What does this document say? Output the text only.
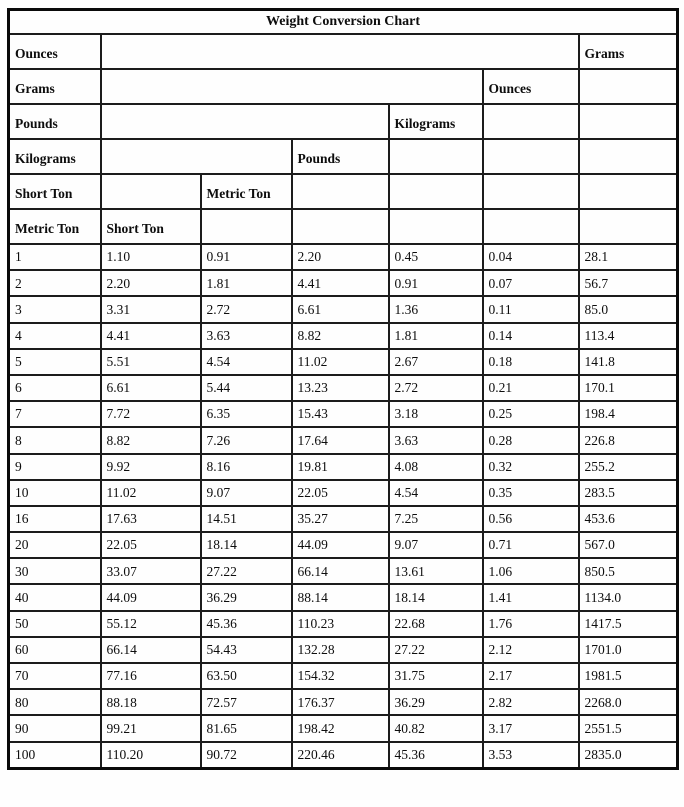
Weight Conversion Chart						
Ounces						Grams
Grams					Ounces	
Pounds				Kilograms		
Kilograms			Pounds			
Short Ton		Metric Ton				
Metric Ton	Short Ton					
1	1.10	0.91	2.20	0.45	0.04	28.1
2	2.20	1.81	4.41	0.91	0.07	56.7
3	3.31	2.72	6.61	1.36	0.11	85.0
4	4.41	3.63	8.82	1.81	0.14	113.4
5	5.51	4.54	11.02	2.67	0.18	141.8
6	6.61	5.44	13.23	2.72	0.21	170.1
7	7.72	6.35	15.43	3.18	0.25	198.4
8	8.82	7.26	17.64	3.63	0.28	226.8
9	9.92	8.16	19.81	4.08	0.32	255.2
10	11.02	9.07	22.05	4.54	0.35	283.5
16	17.63	14.51	35.27	7.25	0.56	453.6
20	22.05	18.14	44.09	9.07	0.71	567.0
30	33.07	27.22	66.14	13.61	1.06	850.5
40	44.09	36.29	88.14	18.14	1.41	1134.0
50	55.12	45.36	110.23	22.68	1.76	1417.5
60	66.14	54.43	132.28	27.22	2.12	1701.0
70	77.16	63.50	154.32	31.75	2.17	1981.5
80	88.18	72.57	176.37	36.29	2.82	2268.0
90	99.21	81.65	198.42	40.82	3.17	2551.5
100	110.20	90.72	220.46	45.36	3.53	2835.0
